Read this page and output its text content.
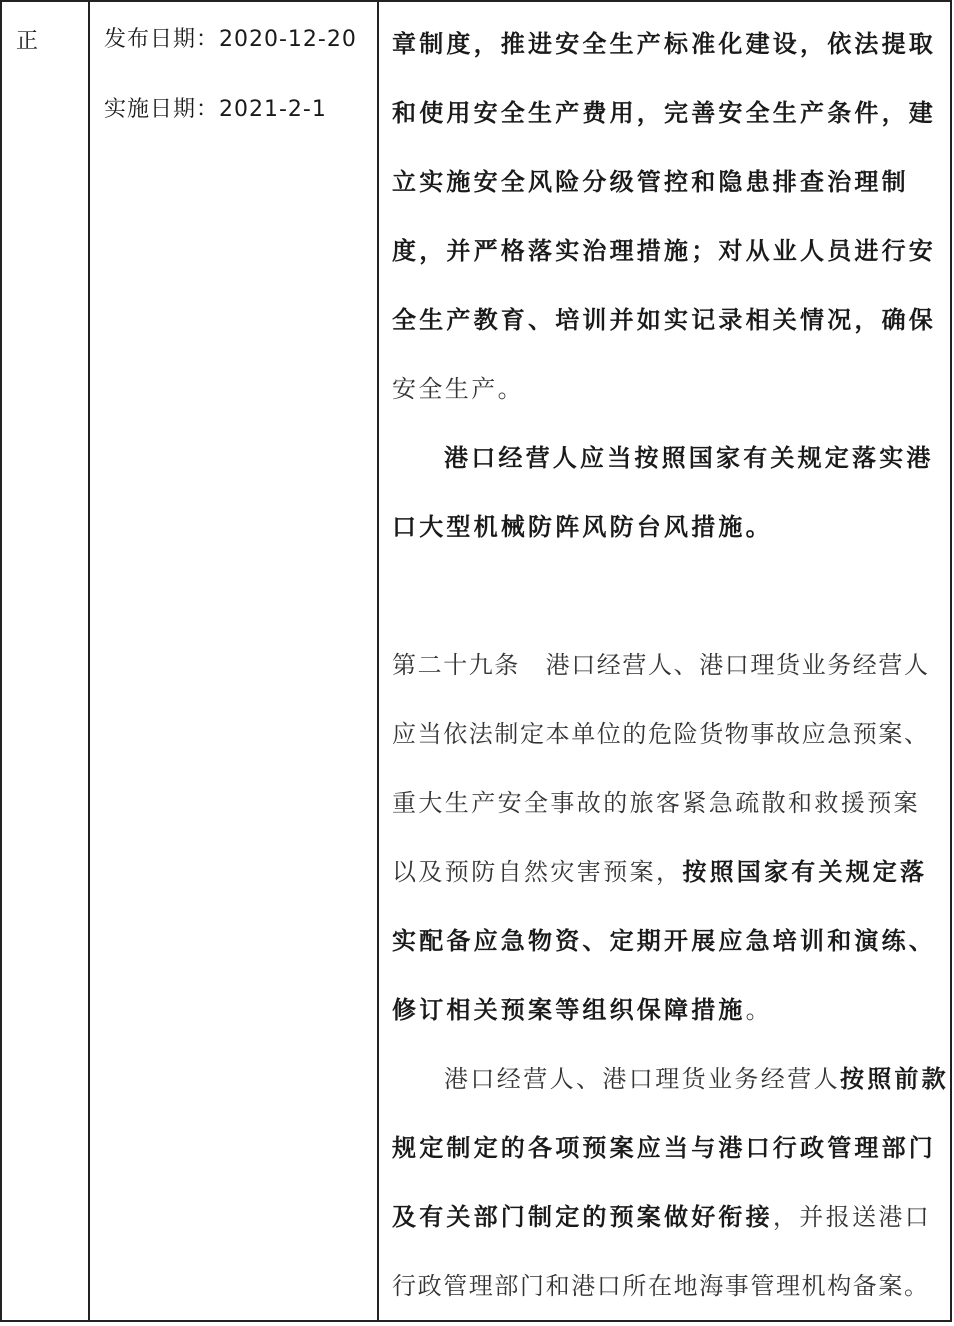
正	发布日期：2020-12-20
实施日期：2021-2-1
章制度，推进安全生产标准化建设，依法提取
和使用安全生产费用，完善安全生产条件，建
立实施安全风险分级管控和隐患排查治理制
度，并严格落实治理措施；对从业人员进行安
全生产教育、培训并如实记录相关情况，确保
安全生产。
港口经营人应当按照国家有关规定落实港
口大型机械防阵风防台风措施。
第二十九条　港口经营人、港口理货业务经营人
应当依法制定本单位的危险货物事故应急预案、
重大生产安全事故的旅客紧急疏散和救援预案
以及预防自然灾害预案，按照国家有关规定落
实配备应急物资、定期开展应急培训和演练、
修订相关预案等组织保障措施。
港口经营人、港口理货业务经营人按照前款
规定制定的各项预案应当与港口行政管理部门
及有关部门制定的预案做好衔接，并报送港口
行政管理部门和港口所在地海事管理机构备案。
